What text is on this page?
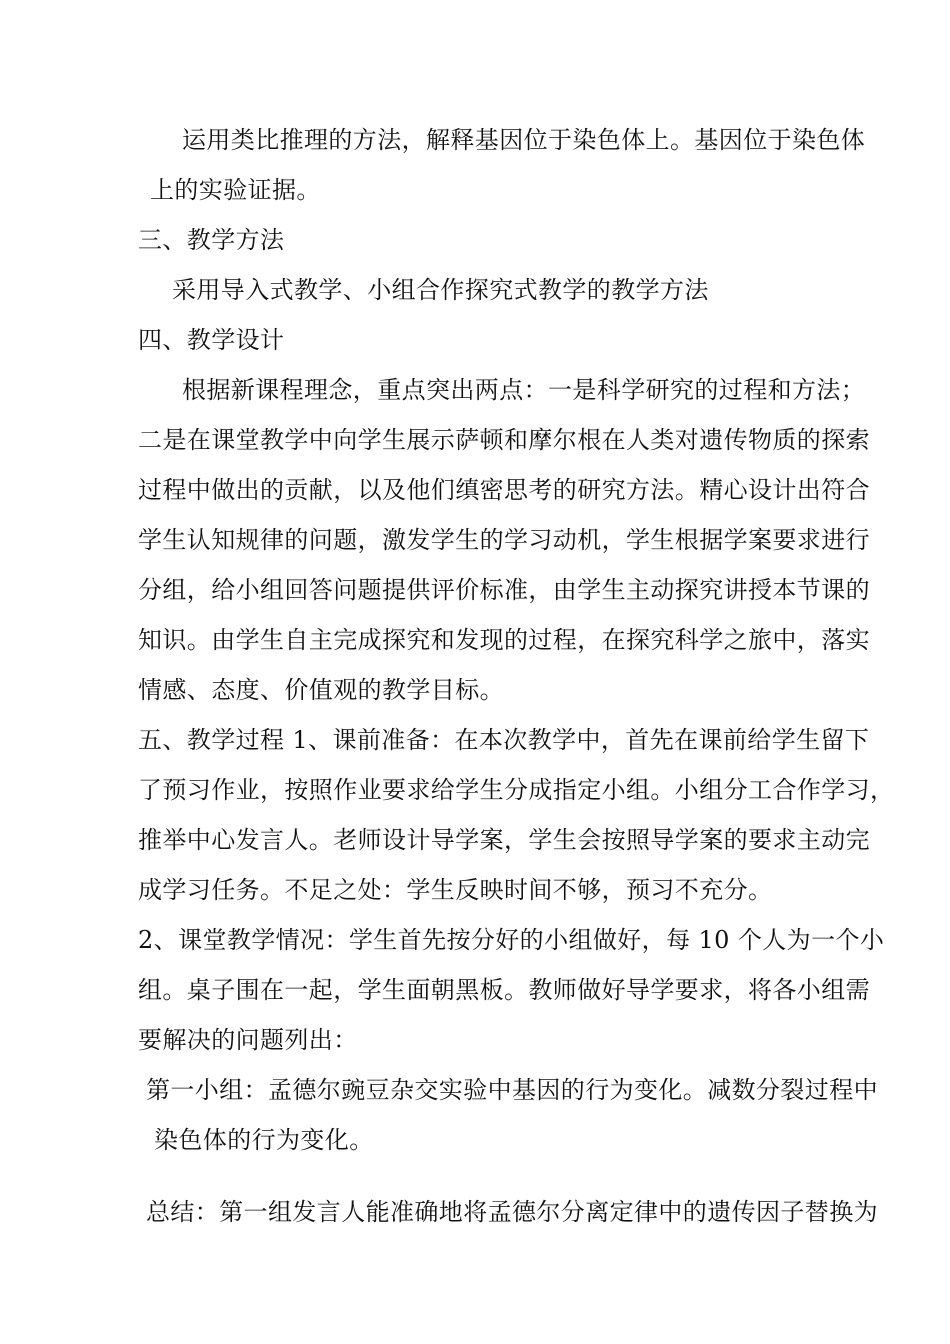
运用类比推理的方法，解释基因位于染色体上。基因位于染色体
上的实验证据。
三、教学方法
采用导入式教学、小组合作探究式教学的教学方法
四、教学设计
根据新课程理念，重点突出两点：一是科学研究的过程和方法；
二是在课堂教学中向学生展示萨顿和摩尔根在人类对遗传物质的探索
过程中做出的贡献，以及他们缜密思考的研究方法。精心设计出符合
学生认知规律的问题，激发学生的学习动机，学生根据学案要求进行
分组，给小组回答问题提供评价标准，由学生主动探究讲授本节课的
知识。由学生自主完成探究和发现的过程，在探究科学之旅中，落实
情感、态度、价值观的教学目标。
五、教学过程 1、课前准备：在本次教学中，首先在课前给学生留下
了预习作业，按照作业要求给学生分成指定小组。小组分工合作学习，
推举中心发言人。老师设计导学案，学生会按照导学案的要求主动完
成学习任务。不足之处：学生反映时间不够，预习不充分。
2、课堂教学情况：学生首先按分好的小组做好，每 10 个人为一个小
组。桌子围在一起，学生面朝黑板。教师做好导学要求，将各小组需
要解决的问题列出：
第一小组：孟德尔豌豆杂交实验中基因的行为变化。减数分裂过程中
染色体的行为变化。
总结：第一组发言人能准确地将孟德尔分离定律中的遗传因子替换为
